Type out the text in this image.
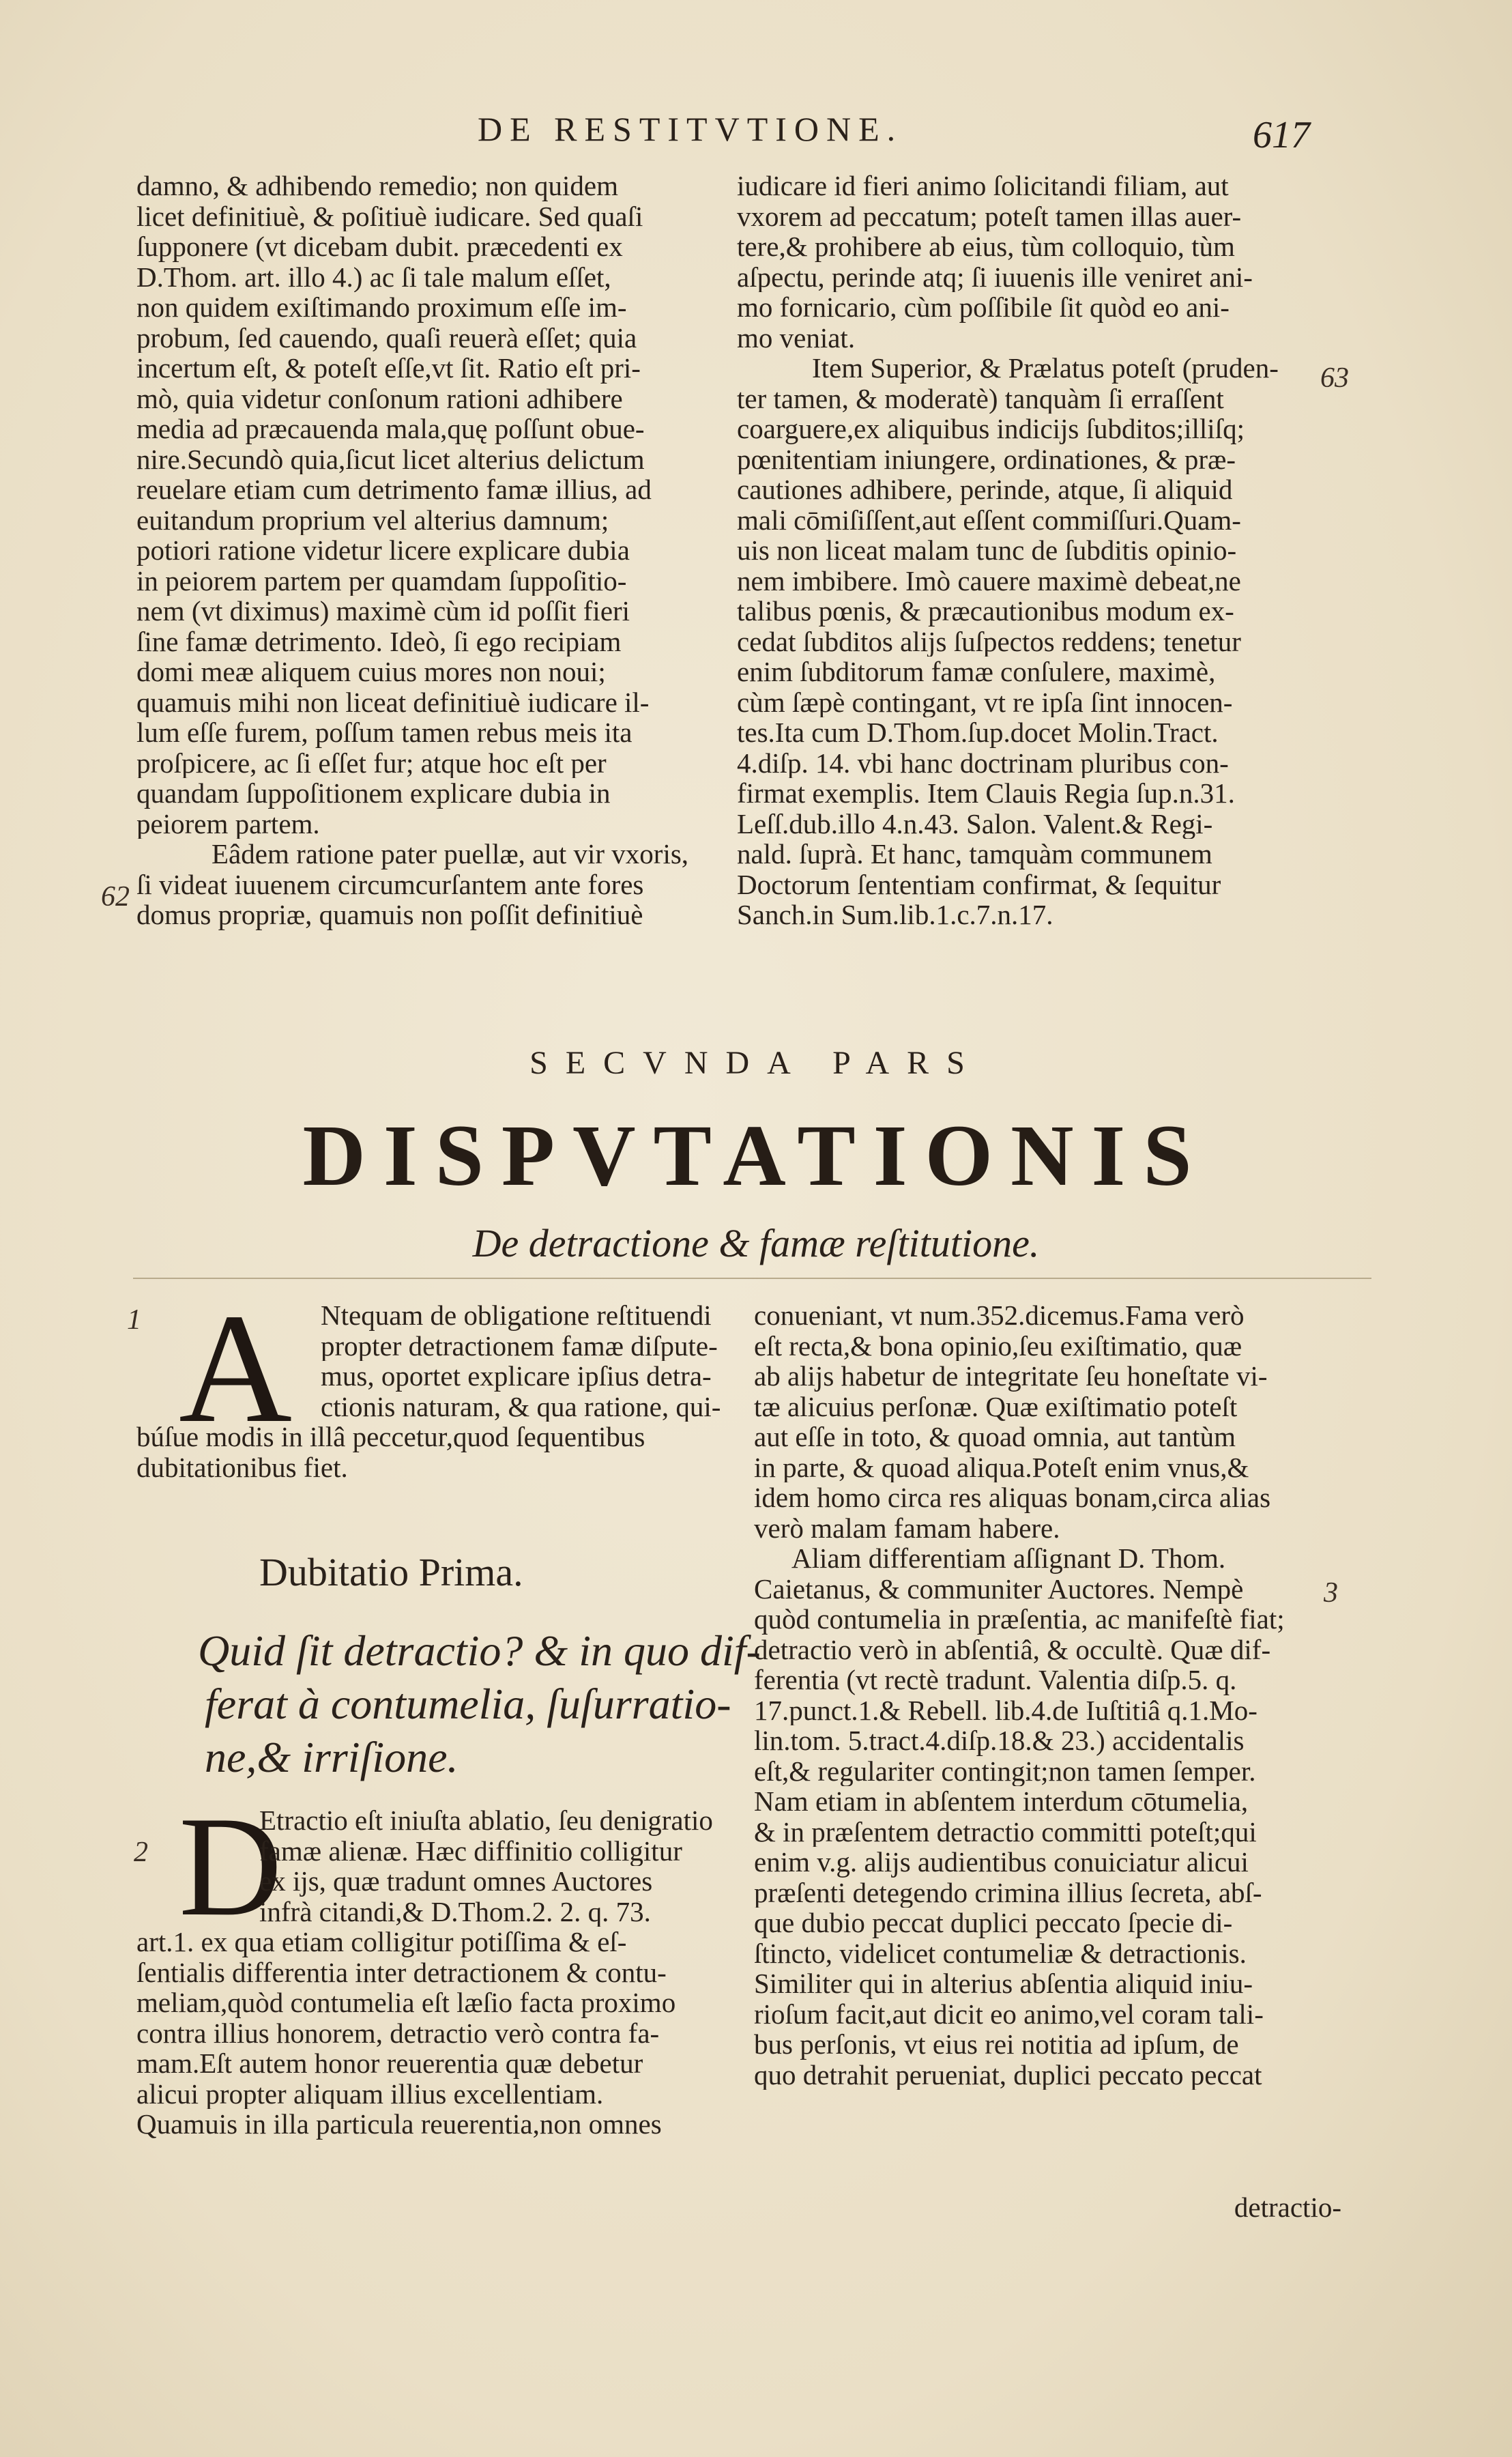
DE RESTITVTIONE.	617
damno, & adhibendo remedio; non quidem
licet definitiuè, & poſitiuè iudicare. Sed quaſi
ſupponere (vt dicebam dubit. præcedenti ex
D.Thom. art. illo 4.) ac ſi tale malum eſſet,
non quidem exiſtimando proximum eſſe im-
probum, ſed cauendo, quaſi reuerà eſſet; quia
incertum eſt, & poteſt eſſe,vt ſit. Ratio eſt pri-
mò, quia videtur conſonum rationi adhibere
media ad præcauenda mala,quę poſſunt obue-
nire.Secundò quia,ſicut licet alterius delictum
reuelare etiam cum detrimento famæ illius, ad
euitandum proprium vel alterius damnum;
potiori ratione videtur licere explicare dubia
in peiorem partem per quamdam ſuppoſitio-
nem (vt diximus) maximè cùm id poſſit fieri
ſine famæ detrimento. Ideò, ſi ego recipiam
domi meæ aliquem cuius mores non noui;
quamuis mihi non liceat definitiuè iudicare il-
lum eſſe furem, poſſum tamen rebus meis ita
proſpicere, ac ſi eſſet fur; atque hoc eſt per
quandam ſuppoſitionem explicare dubia in
peiorem partem.
Eâdem ratione pater puellæ, aut vir vxoris,
ſi videat iuuenem circumcurſantem ante fores
domus propriæ, quamuis non poſſit definitiuè
iudicare id fieri animo ſolicitandi filiam, aut
vxorem ad peccatum; poteſt tamen illas auer-
tere,& prohibere ab eius, tùm colloquio, tùm
aſpectu, perinde atq; ſi iuuenis ille veniret ani-
mo fornicario, cùm poſſibile ſit quòd eo ani-
mo veniat.
Item Superior, & Prælatus poteſt (pruden-
ter tamen, & moderatè) tanquàm ſi erraſſent
coarguere,ex aliquibus indicijs ſubditos;illiſq;
pœnitentiam iniungere, ordinationes, & præ-
cautiones adhibere, perinde, atque, ſi aliquid
mali cōmiſiſſent,aut eſſent commiſſuri.Quam-
uis non liceat malam tunc de ſubditis opinio-
nem imbibere. Imò cauere maximè debeat,ne
talibus pœnis, & præcautionibus modum ex-
cedat ſubditos alijs ſuſpectos reddens; tenetur
enim ſubditorum famæ conſulere, maximè,
cùm ſæpè contingant, vt re ipſa ſint innocen-
tes.Ita cum D.Thom.ſup.docet Molin.Tract.
4.diſp. 14. vbi hanc doctrinam pluribus con-
firmat exemplis. Item Clauis Regia ſup.n.31.
Leſſ.dub.illo 4.n.43. Salon. Valent.& Regi-
nald. ſuprà. Et hanc, tamquàm communem
Doctorum ſententiam confirmat, & ſequitur
Sanch.in Sum.lib.1.c.7.n.17.
62
63
1
2
3
SECVNDA PARS
DISPVTATIONIS
De detractione & famæ reſtitutione.
A	Ntequam de obligatione reſtituendi
propter detractionem famæ diſpute-
mus, oportet explicare ipſius detra-
ctionis naturam, & qua ratione, qui-
búſue modis in illâ peccetur,quod ſequentibus
dubitationibus fiet.
Dubitatio Prima.
Quid ſit detractio? & in quo dif-
ferat à contumelia, ſuſurratio-
ne,& irriſione.
D
Etractio eſt iniuſta ablatio, ſeu denigratio
famæ alienæ. Hæc diffinitio colligitur
ex ijs, quæ tradunt omnes Auctores
infrà citandi,& D.Thom.2. 2. q. 73.
art.1. ex qua etiam colligitur potiſſima & eſ-
ſentialis differentia inter detractionem & contu-
meliam,quòd contumelia eſt læſio facta proximo
contra illius honorem, detractio verò contra fa-
mam.Eſt autem honor reuerentia quæ debetur
alicui propter aliquam illius excellentiam.
Quamuis in illa particula reuerentia,non omnes
conueniant, vt num.352.dicemus.Fama verò
eſt recta,& bona opinio,ſeu exiſtimatio, quæ
ab alijs habetur de integritate ſeu honeſtate vi-
tæ alicuius perſonæ. Quæ exiſtimatio poteſt
aut eſſe in toto, & quoad omnia, aut tantùm
in parte, & quoad aliqua.Poteſt enim vnus,&
idem homo circa res aliquas bonam,circa alias
verò malam famam habere.
Aliam differentiam aſſignant D. Thom.
Caietanus, & communiter Auctores. Nempè
quòd contumelia in præſentia, ac manifeſtè fiat;
detractio verò in abſentiâ, & occultè. Quæ dif-
ferentia (vt rectè tradunt. Valentia diſp.5. q.
17.punct.1.& Rebell. lib.4.de Iuſtitiâ q.1.Mo-
lin.tom. 5.tract.4.diſp.18.& 23.) accidentalis
eſt,& regulariter contingit;non tamen ſemper.
Nam etiam in abſentem interdum cōtumelia,
& in præſentem detractio committi poteſt;qui
enim v.g. alijs audientibus conuiciatur alicui
præſenti detegendo crimina illius ſecreta, abſ-
que dubio peccat duplici peccato ſpecie di-
ſtincto, videlicet contumeliæ & detractionis.
Similiter qui in alterius abſentia aliquid iniu-
rioſum facit,aut dicit eo animo,vel coram tali-
bus perſonis, vt eius rei notitia ad ipſum, de
quo detrahit perueniat, duplici peccato peccat
detractio-
